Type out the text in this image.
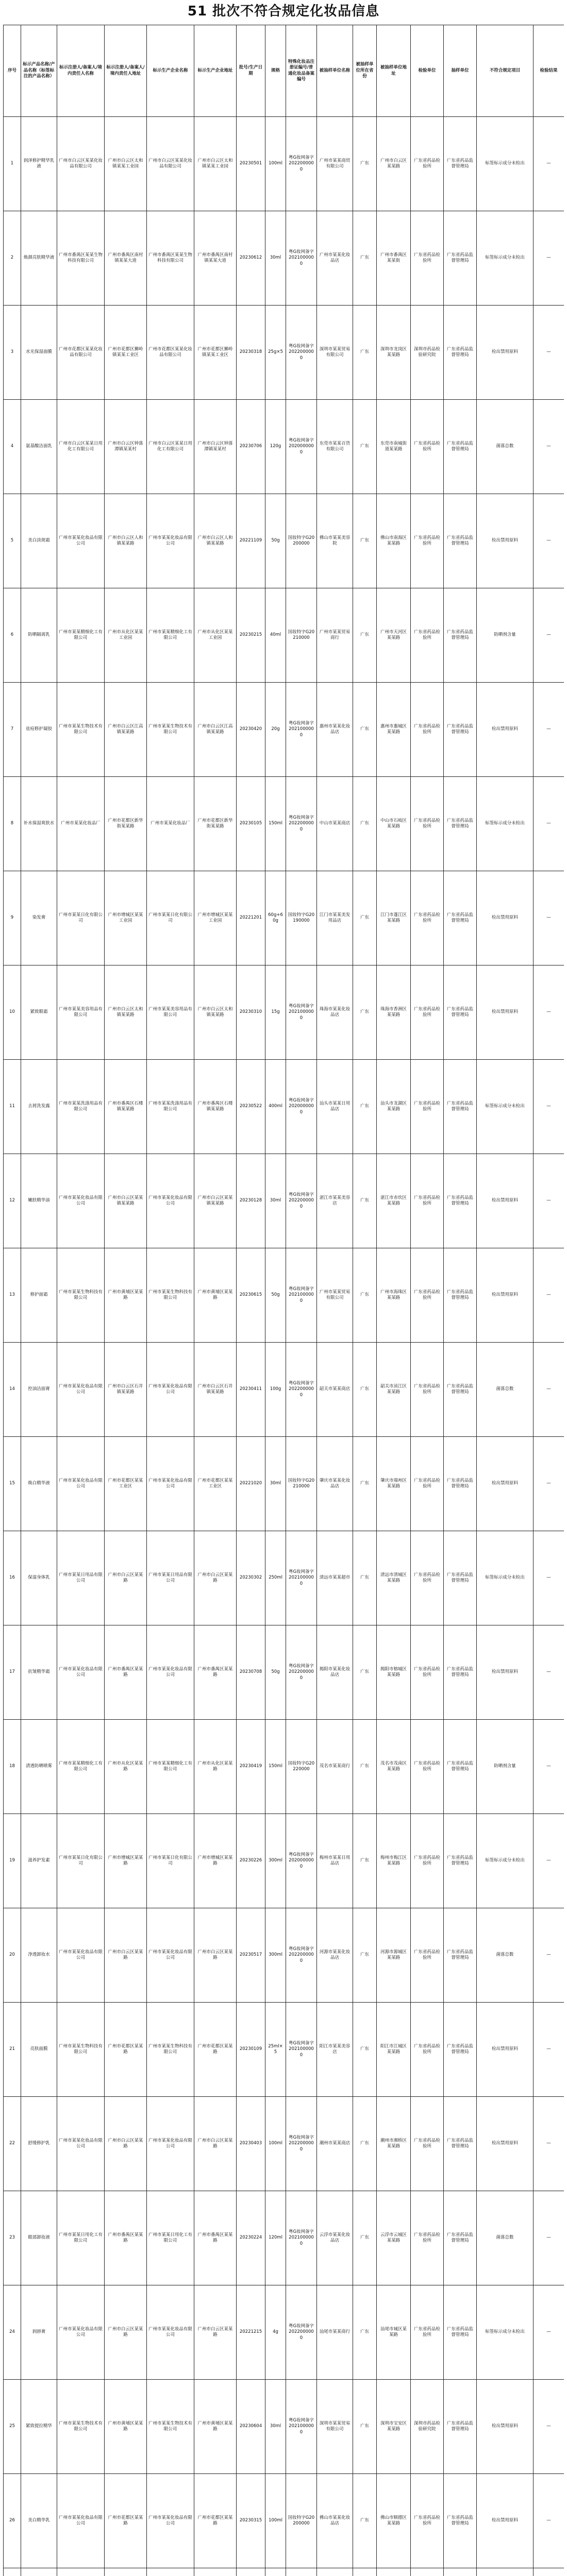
51 批次不符合规定化妆品信息
序号	标示产品名称/产品名称（标签标注的产品名称）	标示注册人/备案人/境内责任人名称	标示注册人/备案人/境内责任人地址	标示生产企业名称	标示生产企业地址	批号/生产日期	规格	特殊化妆品注册证编号/普通化妆品备案编号	被抽样单位名称	被抽样单位所在省份	被抽样单位地址	检验单位	抽样单位	不符合规定项目	检验结果
1	润泽修护精华乳液	广州市白云区某某化妆品有限公司	广州市白云区太和镇某某工业园	广州市白云区某某化妆品有限公司	广州市白云区太和镇某某工业园	20230501	100ml	粤G妆网备字2022000000	广州市某某商贸有限公司	广东	广州市白云区某某路	广东省药品检验所	广东省药品监督管理局	标签标示成分未检出	—
2	焕颜亮肤精华液	广州市番禺区某某生物科技有限公司	广州市番禺区南村镇某某大道	广州市番禺区某某生物科技有限公司	广州市番禺区南村镇某某大道	20230612	30ml	粤G妆网备字2021000000	广州市某某化妆品店	广东	广州市番禺区某某街	广东省药品检验所	广东省药品监督管理局	标签标示成分未检出	—
3	水光保湿面膜	广州市花都区某某化妆品有限公司	广州市花都区狮岭镇某某工业区	广州市花都区某某化妆品有限公司	广州市花都区狮岭镇某某工业区	20230318	25g×5	粤G妆网备字2022000000	深圳市某某贸易有限公司	广东	深圳市龙岗区某某路	深圳市药品检验研究院	广东省药品监督管理局	检出禁用原料	—
4	氨基酸洁面乳	广州市白云区某某日用化工有限公司	广州市白云区钟落潭镇某某村	广州市白云区某某日用化工有限公司	广州市白云区钟落潭镇某某村	20230706	120g	粤G妆网备字2020000000	东莞市某某百货有限公司	广东	东莞市南城街道某某路	广东省药品检验所	广东省药品监督管理局	菌落总数	—
5	美白淡斑霜	广州市某某化妆品有限公司	广州市白云区人和镇某某路	广州市某某化妆品有限公司	广州市白云区人和镇某某路	20221109	50g	国妆特字G20200000	佛山市某某美容院	广东	佛山市南海区某某路	广东省药品检验所	广东省药品监督管理局	检出禁用原料	—
6	防晒隔离乳	广州市某某精细化工有限公司	广州市从化区某某工业园	广州市某某精细化工有限公司	广州市从化区某某工业园	20230215	40ml	国妆特字G20210000	广州市某某贸易商行	广东	广州市天河区某某路	广东省药品检验所	广东省药品监督管理局	防晒剂含量	—
7	祛痘修护凝胶	广州市某某生物技术有限公司	广州市白云区江高镇某某路	广州市某某生物技术有限公司	广州市白云区江高镇某某路	20230420	20g	粤G妆网备字2021000000	惠州市某某化妆品店	广东	惠州市惠城区某某路	广东省药品检验所	广东省药品监督管理局	检出禁用原料	—
8	补水保湿爽肤水	广州市某某化妆品厂	广州市花都区新华街某某路	广州市某某化妆品厂	广州市花都区新华街某某路	20230105	150ml	粤G妆网备字2022000000	中山市某某商店	广东	中山市石岐区某某路	广东省药品检验所	广东省药品监督管理局	标签标示成分未检出	—
9	染发膏	广州市某某日化有限公司	广州市增城区某某工业园	广州市某某日化有限公司	广州市增城区某某工业园	20221201	60g+60g	国妆特字G20190000	江门市某某美发用品店	广东	江门市蓬江区某某路	广东省药品检验所	广东省药品监督管理局	检出禁用原料	—
10	紧致眼霜	广州市某某美容用品有限公司	广州市白云区太和镇某某路	广州市某某美容用品有限公司	广州市白云区太和镇某某路	20230310	15g	粤G妆网备字2021000000	珠海市某某化妆品店	广东	珠海市香洲区某某路	广东省药品检验所	广东省药品监督管理局	检出禁用原料	—
11	去屑洗发露	广州市某某洗涤用品有限公司	广州市番禺区石楼镇某某路	广州市某某洗涤用品有限公司	广州市番禺区石楼镇某某路	20230522	400ml	粤G妆网备字2020000000	汕头市某某日用品店	广东	汕头市龙湖区某某路	广东省药品检验所	广东省药品监督管理局	标签标示成分未检出	—
12	嫩肤精华油	广州市某某化妆品有限公司	广州市白云区某某镇某某路	广州市某某化妆品有限公司	广州市白云区某某镇某某路	20230128	30ml	粤G妆网备字2022000000	湛江市某某美容店	广东	湛江市赤坎区某某路	广东省药品检验所	广东省药品监督管理局	检出禁用原料	—
13	修护面霜	广州市某某生物科技有限公司	广州市黄埔区某某路	广州市某某生物科技有限公司	广州市黄埔区某某路	20230615	50g	粤G妆网备字2021000000	广州市某某贸易有限公司	广东	广州市海珠区某某路	广东省药品检验所	广东省药品监督管理局	检出禁用原料	—
14	控油洁面膏	广州市某某化妆品有限公司	广州市白云区石井镇某某路	广州市某某化妆品有限公司	广州市白云区石井镇某某路	20230411	100g	粤G妆网备字2022000000	韶关市某某商店	广东	韶关市浈江区某某路	广东省药品检验所	广东省药品监督管理局	菌落总数	—
15	焕白精华液	广州市某某化妆品有限公司	广州市花都区某某工业区	广州市某某化妆品有限公司	广州市花都区某某工业区	20221020	30ml	国妆特字G20210000	肇庆市某某化妆品店	广东	肇庆市端州区某某路	广东省药品检验所	广东省药品监督管理局	检出禁用原料	—
16	保湿身体乳	广州市某某日用品有限公司	广州市白云区某某路	广州市某某日用品有限公司	广州市白云区某某路	20230302	250ml	粤G妆网备字2021000000	清远市某某超市	广东	清远市清城区某某路	广东省药品检验所	广东省药品监督管理局	标签标示成分未检出	—
17	抗皱精华霜	广州市某某化妆品有限公司	广州市番禺区某某路	广州市某某化妆品有限公司	广州市番禺区某某路	20230708	50g	粤G妆网备字2022000000	揭阳市某某化妆品店	广东	揭阳市榕城区某某路	广东省药品检验所	广东省药品监督管理局	检出禁用原料	—
18	清透防晒喷雾	广州市某某精细化工有限公司	广州市从化区某某路	广州市某某精细化工有限公司	广州市从化区某某路	20230419	150ml	国妆特字G20220000	茂名市某某商行	广东	茂名市茂南区某某路	广东省药品检验所	广东省药品监督管理局	防晒剂含量	—
19	滋养护发素	广州市某某日化有限公司	广州市增城区某某路	广州市某某日化有限公司	广州市增城区某某路	20230226	300ml	粤G妆网备字2020000000	梅州市某某日用品店	广东	梅州市梅江区某某路	广东省药品检验所	广东省药品监督管理局	标签标示成分未检出	—
20	净透卸妆水	广州市某某化妆品有限公司	广州市白云区某某路	广州市某某化妆品有限公司	广州市白云区某某路	20230517	300ml	粤G妆网备字2022000000	河源市某某化妆品店	广东	河源市源城区某某路	广东省药品检验所	广东省药品监督管理局	菌落总数	—
21	亮肤面膜	广州市某某生物科技有限公司	广州市花都区某某路	广州市某某生物科技有限公司	广州市花都区某某路	20230109	25ml×5	粤G妆网备字2021000000	阳江市某某美容店	广东	阳江市江城区某某路	广东省药品检验所	广东省药品监督管理局	检出禁用原料	—
22	舒缓修护乳	广州市某某化妆品有限公司	广州市白云区某某路	广州市某某化妆品有限公司	广州市白云区某某路	20230403	100ml	粤G妆网备字2022000000	潮州市某某商店	广东	潮州市湘桥区某某路	广东省药品检验所	广东省药品监督管理局	检出禁用原料	—
23	眼部卸妆液	广州市某某日用化工有限公司	广州市番禺区某某路	广州市某某日用化工有限公司	广州市番禺区某某路	20230224	120ml	粤G妆网备字2021000000	云浮市某某化妆品店	广东	云浮市云城区某某路	广东省药品检验所	广东省药品监督管理局	菌落总数	—
24	润唇膏	广州市某某化妆品有限公司	广州市白云区某某路	广州市某某化妆品有限公司	广州市白云区某某路	20221215	4g	粤G妆网备字2022000000	汕尾市某某商行	广东	汕尾市城区某某路	广东省药品检验所	广东省药品监督管理局	标签标示成分未检出	—
25	紧致提拉精华	广州市某某生物技术有限公司	广州市黄埔区某某路	广州市某某生物技术有限公司	广州市黄埔区某某路	20230604	30ml	粤G妆网备字2021000000	深圳市某某贸易有限公司	广东	深圳市宝安区某某路	深圳市药品检验研究院	广东省药品监督管理局	检出禁用原料	—
26	美白精华乳	广州市某某化妆品有限公司	广州市花都区某某路	广州市某某化妆品有限公司	广州市花都区某某路	20230315	100ml	国妆特字G20200000	佛山市某某化妆品店	广东	佛山市顺德区某某路	广东省药品检验所	广东省药品监督管理局	检出禁用原料	—
